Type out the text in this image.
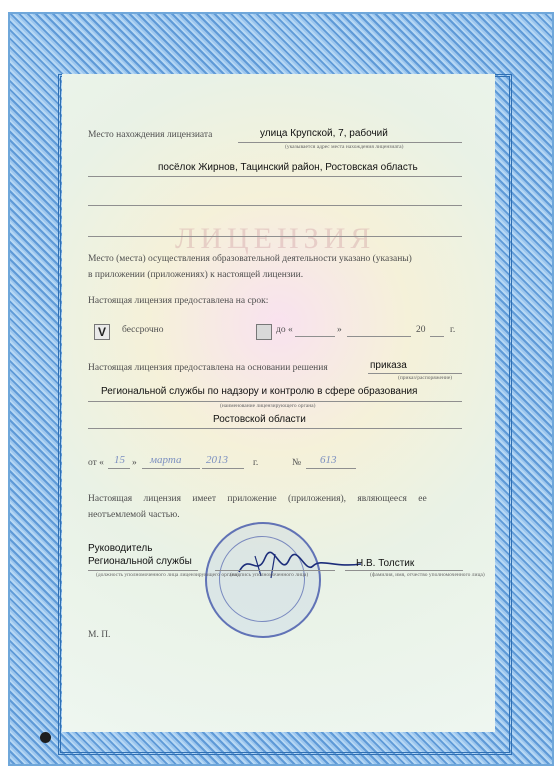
ЛИЦЕНЗИЯ
Место нахождения лицензиата	улица Крупской, 7, рабочий
(указывается адрес места нахождения лицензиата)
посёлок Жирнов, Тацинский район, Ростовская область
Место (места) осуществления образовательной деятельности указано (указаны)
в приложении (приложениях) к настоящей лицензии.
Настоящая лицензия предоставлена на срок:
V	бессрочно	до «	»	20	г.
Настоящая лицензия предоставлена на основании решения	приказа
(приказ/распоряжение)
Региональной службы по надзору и контролю в сфере образования
(наименование лицензирующего органа)
Ростовской области
от « 15 » марта 2013	г.	№ 613
Настоящая лицензия имеет приложение (приложения), являющееся ее
неотъемлемой частью.
Руководитель
Региональной службы
(должность уполномоченного лица лицензирующего органа)
(подпись уполномоченного лица)
Н.В. Толстик
(фамилия, имя, отчество уполномоченного лица)
М. П.
